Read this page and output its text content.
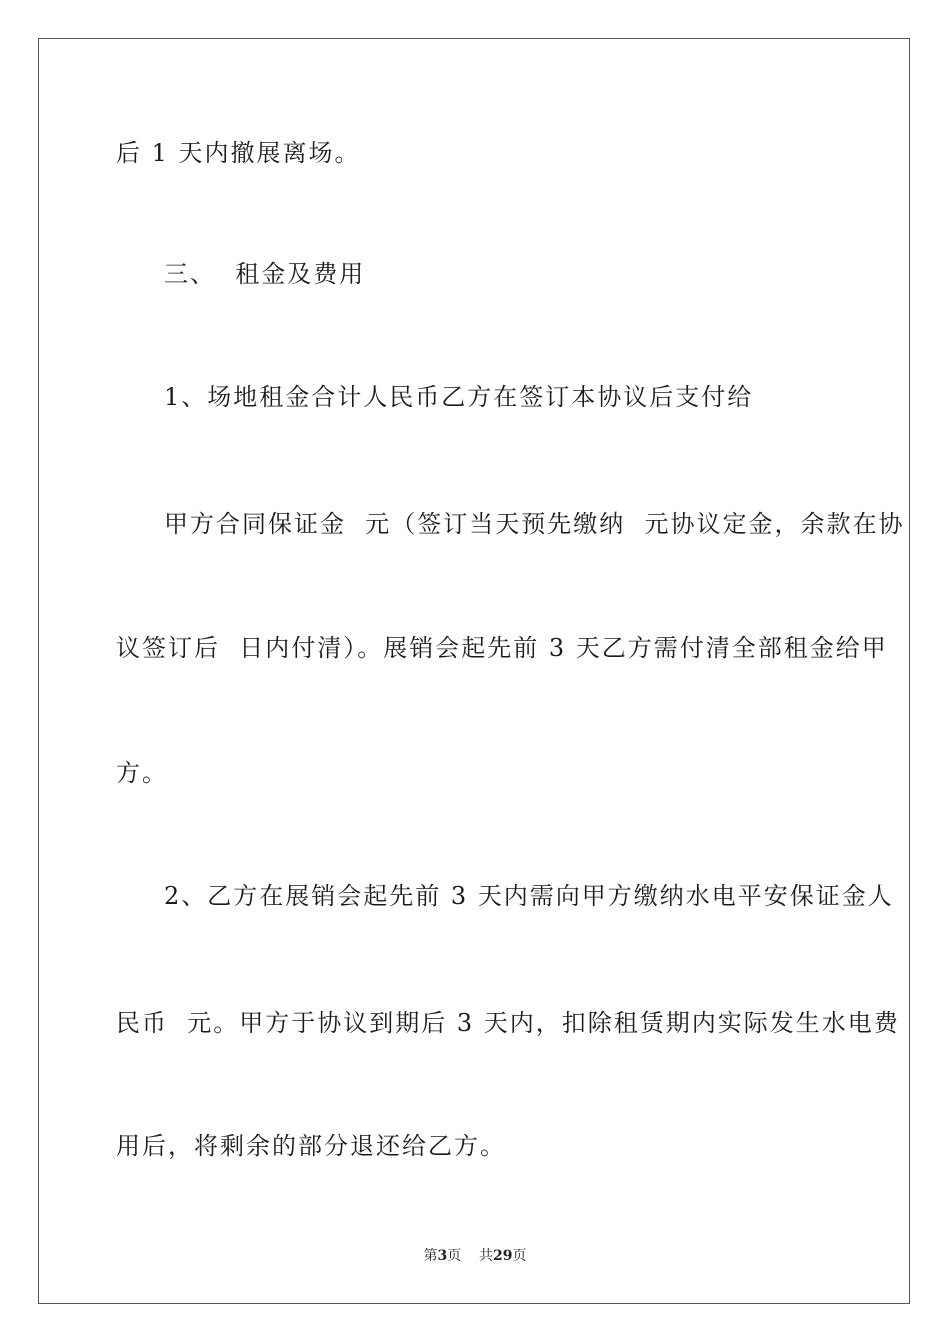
后 1 天内撤展离场。
三、  租金及费用
1、场地租金合计人民币乙方在签订本协议后支付给
甲方合同保证金  元（签订当天预先缴纳  元协议定金，余款在协
议签订后  日内付清）。展销会起先前 3 天乙方需付清全部租金给甲
方。
2、乙方在展销会起先前 3 天内需向甲方缴纳水电平安保证金人
民币  元。甲方于协议到期后 3 天内，扣除租赁期内实际发生水电费
用后，将剩余的部分退还给乙方。
第3页 共29页
